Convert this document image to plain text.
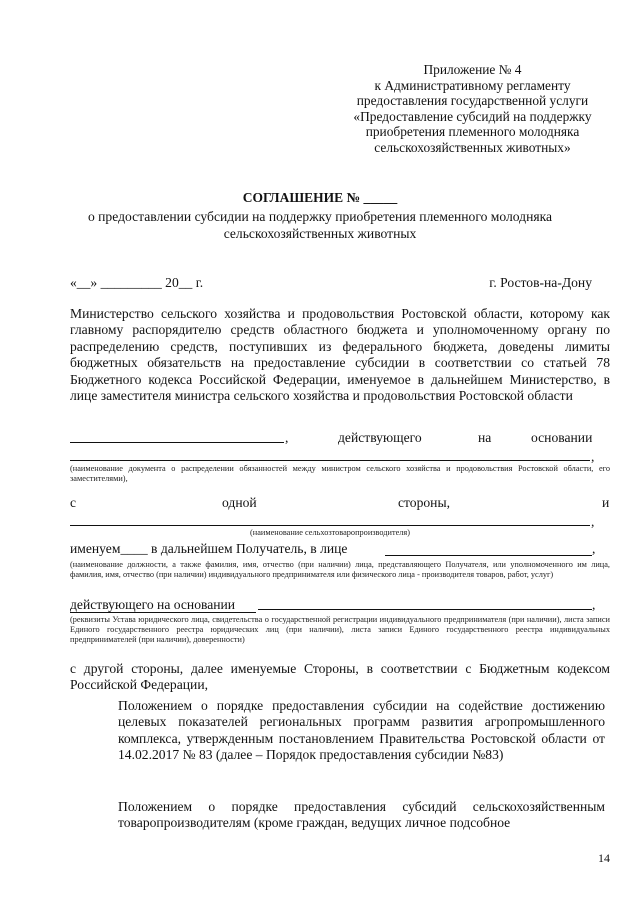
Приложение № 4
к Административному регламенту
предоставления государственной услуги
«Предоставление субсидий на поддержку
приобретения племенного молодняка
сельскохозяйственных животных»
СОГЛАШЕНИЕ № _____
о предоставлении субсидии на поддержку приобретения племенного молодняка
сельскохозяйственных животных
«__» _________ 20__ г.	г. Ростов-на-Дону

Министерство сельского хозяйства и продовольствия Ростовской области, которому как главному распорядителю средств областного бюджета и уполномоченному органу по распределению средств, поступивших из федерального бюджета, доведены лимиты бюджетных обязательств на предоставление субсидии в соответствии со статьей 78 Бюджетного кодекса Российской Федерации, именуемое в дальнейшем Министерство, в лице заместителя министра сельского хозяйства и продовольствия Ростовской области

,	действующего	на	основании
,
(наименование документа о распределении обязанностей между министром сельского хозяйства и продовольствия Ростовской области, его заместителями),
с	одной	стороны,	и
,
(наименование сельхозтоваропроизводителя)
именуем____ в дальнейшем Получатель, в лице	,
(наименование должности, а также фамилия, имя, отчество (при наличии) лица, представляющего Получателя, или уполномоченного им лица, фамилия, имя, отчество (при наличии) индивидуального предпринимателя или физического лица - производителя товаров, работ, услуг)
действующего на основании	,
(реквизиты Устава юридического лица, свидетельства о государственной регистрации индивидуального предпринимателя (при наличии), листа записи Единого государственного реестра юридических лиц (при наличии), листа записи Единого государственного реестра индивидуальных предпринимателей (при наличии), доверенности)

с другой стороны, далее именуемые Стороны, в соответствии с Бюджетным кодексом Российской Федерации,

Положением о порядке предоставления субсидии на содействие достижению целевых показателей региональных программ развития агропромышленного комплекса, утвержденным постановлением Правительства Ростовской области от 14.02.2017 № 83 (далее – Порядок предоставления субсидии №83)
Положением о порядке предоставления субсидий сельскохозяйственным товаропроизводителям (кроме граждан, ведущих личное подсобное
14
